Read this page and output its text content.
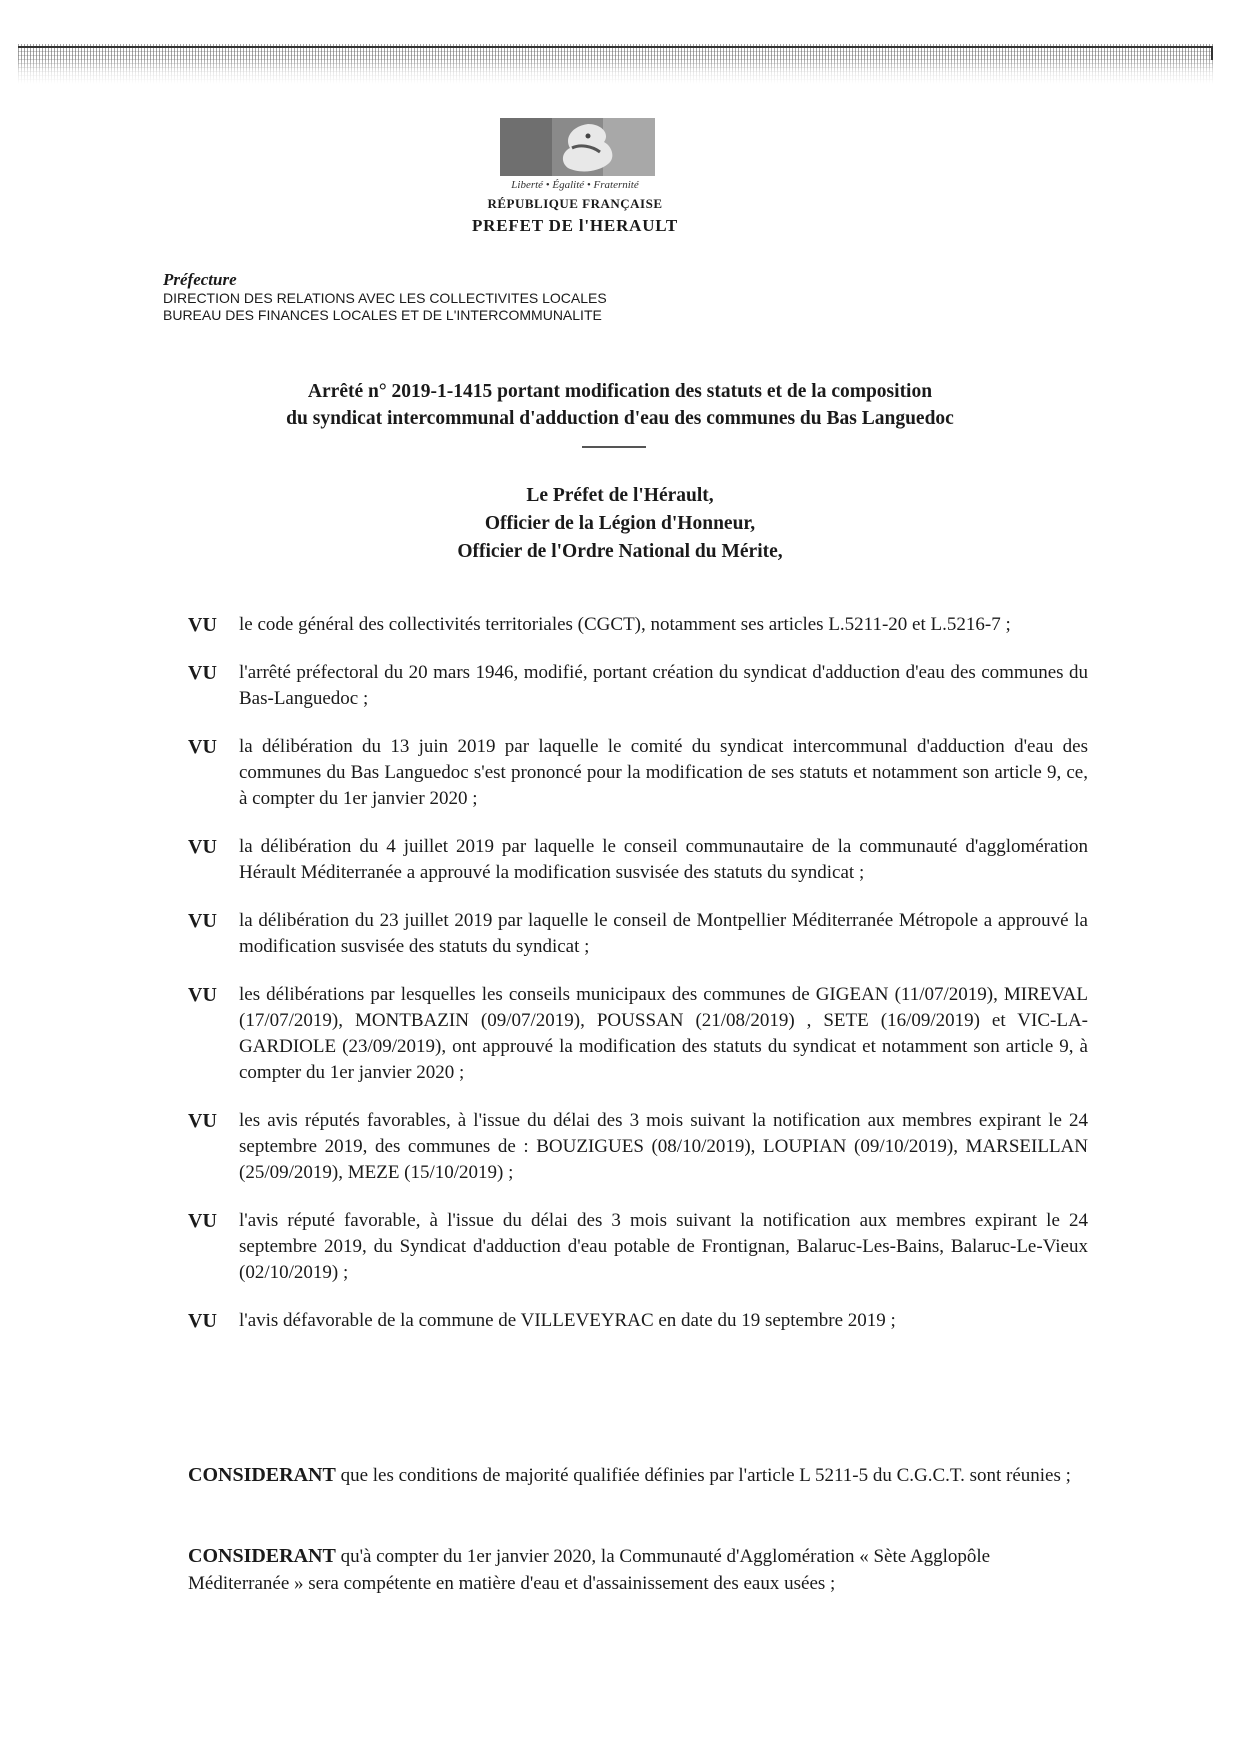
Liberté • Égalité • Fraternité
RÉPUBLIQUE FRANÇAISE
PREFET DE l'HERAULT
Préfecture
DIRECTION DES RELATIONS AVEC LES COLLECTIVITES LOCALES
BUREAU DES FINANCES LOCALES ET DE L'INTERCOMMUNALITE
Arrêté n° 2019-1-1415 portant modification des statuts et de la composition
du syndicat intercommunal d'adduction d'eau des communes du Bas Languedoc
Le Préfet de l'Hérault,
Officier de la Légion d'Honneur,
Officier de l'Ordre National du Mérite,
VU le code général des collectivités territoriales (CGCT), notamment ses articles L.5211-20 et L.5216-7 ;
VU l'arrêté préfectoral du 20 mars 1946, modifié, portant création du syndicat d'adduction d'eau des communes du Bas-Languedoc ;
VU la délibération du 13 juin 2019 par laquelle le comité du syndicat intercommunal d'adduction d'eau des communes du Bas Languedoc s'est prononcé pour la modification de ses statuts et notamment son article 9, ce, à compter du 1er janvier 2020 ;
VU la délibération du 4 juillet 2019 par laquelle le conseil communautaire de la communauté d'agglomération Hérault Méditerranée a approuvé la modification susvisée des statuts du syndicat ;
VU la délibération du 23 juillet 2019 par laquelle le conseil de Montpellier Méditerranée Métropole a approuvé la modification susvisée des statuts du syndicat ;
VU les délibérations par lesquelles les conseils municipaux des communes de GIGEAN (11/07/2019), MIREVAL (17/07/2019), MONTBAZIN (09/07/2019), POUSSAN (21/08/2019) , SETE (16/09/2019) et VIC-LA- GARDIOLE (23/09/2019), ont approuvé la modification des statuts du syndicat et notamment son article 9, à compter du 1er janvier 2020 ;
VU les avis réputés favorables, à l'issue du délai des 3 mois suivant la notification aux membres expirant le 24 septembre 2019, des communes de : BOUZIGUES (08/10/2019), LOUPIAN (09/10/2019), MARSEILLAN (25/09/2019), MEZE (15/10/2019) ;
VU l'avis réputé favorable, à l'issue du délai des 3 mois suivant la notification aux membres expirant le 24 septembre 2019, du Syndicat d'adduction d'eau potable de Frontignan, Balaruc-Les-Bains, Balaruc-Le-Vieux (02/10/2019) ;
VU l'avis défavorable de la commune de VILLEVEYRAC en date du 19 septembre 2019 ;
CONSIDERANT que les conditions de majorité qualifiée définies par l'article L 5211-5 du C.G.C.T. sont réunies ;
CONSIDERANT qu'à compter du 1er janvier 2020, la Communauté d'Agglomération « Sète Agglopôle Méditerranée » sera compétente en matière d'eau et d'assainissement des eaux usées ;
